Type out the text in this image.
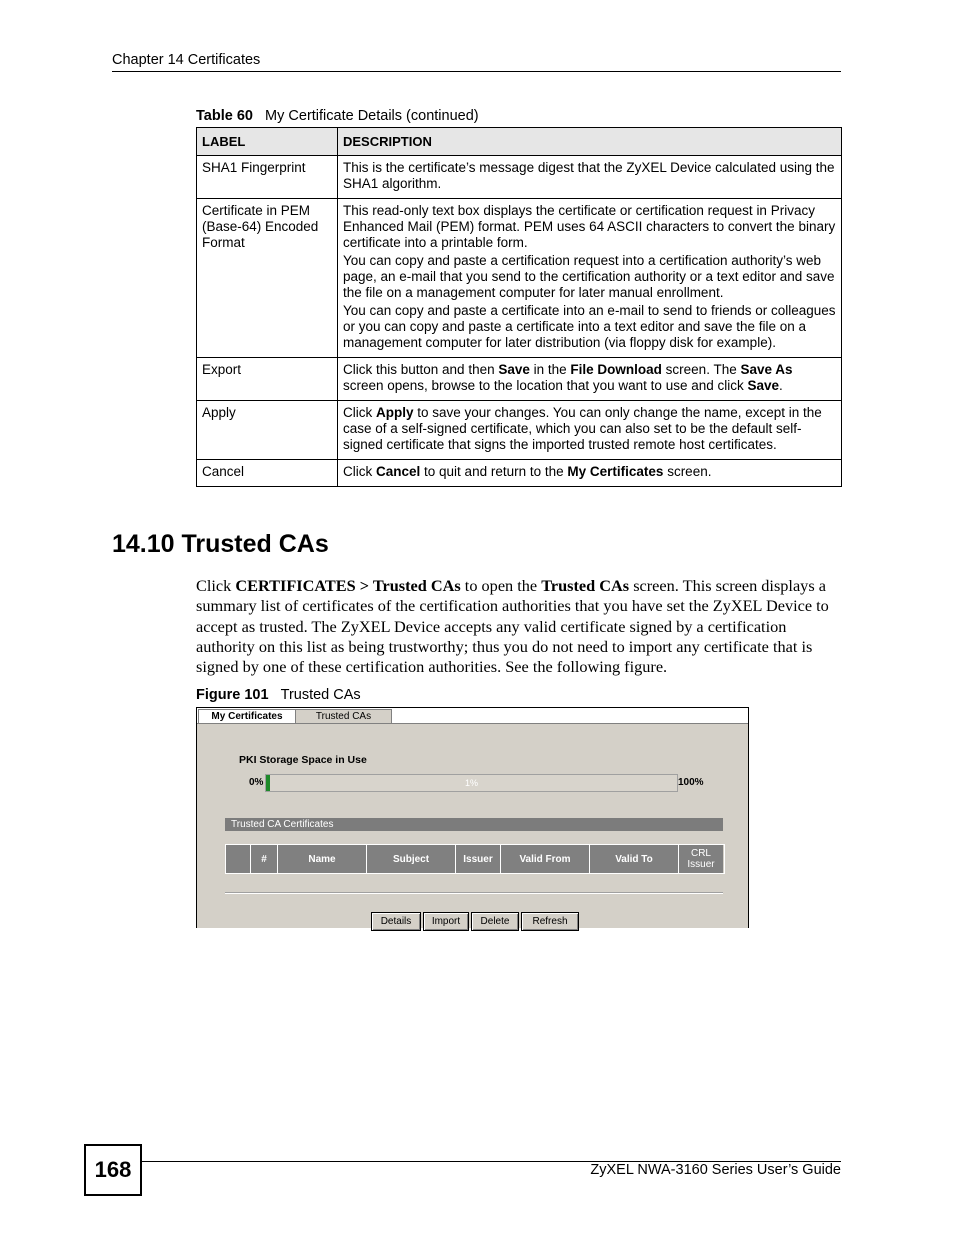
Chapter 14 Certificates
Table 60 My Certificate Details (continued)
LABEL	DESCRIPTION
SHA1 Fingerprint	This is the certificate’s message digest that the ZyXEL Device calculated using the SHA1 algorithm.
Certificate in PEM (Base-64) Encoded Format	This read-only text box displays the certificate or certification request in Privacy Enhanced Mail (PEM) format. PEM uses 64 ASCII characters to convert the binary certificate into a printable form.

You can copy and paste a certification request into a certification authority’s web page, an e-mail that you send to the certification authority or a text editor and save the file on a management computer for later manual enrollment.

You can copy and paste a certificate into an e-mail to send to friends or colleagues or you can copy and paste a certificate into a text editor and save the file on a management computer for later distribution (via floppy disk for example).

Export	Click this button and then Save in the File Download screen. The Save As screen opens, browse to the location that you want to use and click Save.
Apply	Click Apply to save your changes. You can only change the name, except in the case of a self-signed certificate, which you can also set to be the default self-signed certificate that signs the imported trusted remote host certificates.
Cancel	Click Cancel to quit and return to the My Certificates screen.
14.10 Trusted CAs
Click CERTIFICATES > Trusted CAs to open the Trusted CAs screen. This screen displays a summary list of certificates of the certification authorities that you have set the ZyXEL Device to accept as trusted. The ZyXEL Device accepts any valid certificate signed by a certification authority on this list as being trustworthy; thus you do not need to import any certificate that is signed by one of these certification authorities. See the following figure.
Figure 101 Trusted CAs
My Certificates	Trusted CAs
PKI Storage Space in Use
0%	1%	100%
Trusted CA Certificates
#	Name	Subject	Issuer	Valid From	Valid To	CRL Issuer
Details	Import	Delete	Refresh
168	ZyXEL NWA-3160 Series User’s Guide
